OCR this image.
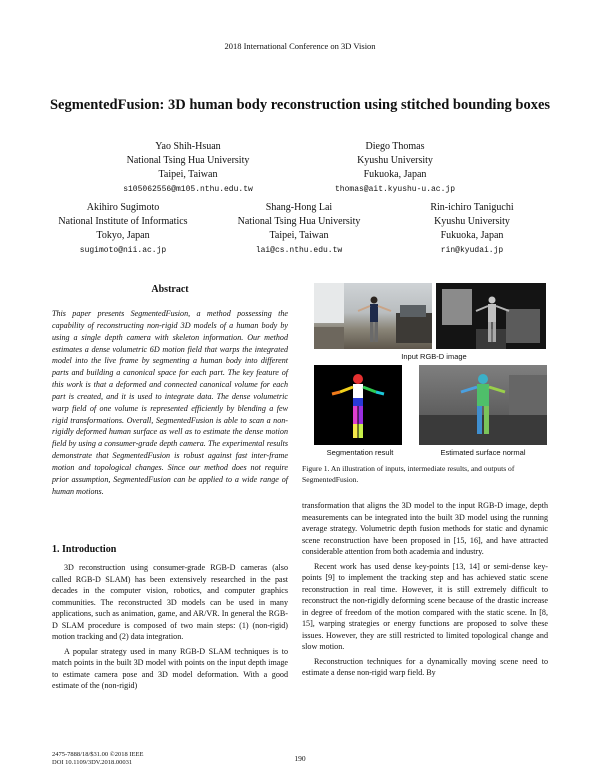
2018 International Conference on 3D Vision
SegmentedFusion: 3D human body reconstruction using stitched bounding boxes
Yao Shih-Hsuan
National Tsing Hua University
Taipei, Taiwan
s105062556@m105.nthu.edu.tw
Diego Thomas
Kyushu University
Fukuoka, Japan
thomas@ait.kyushu-u.ac.jp
Akihiro Sugimoto
National Institute of Informatics
Tokyo, Japan
sugimoto@nii.ac.jp
Shang-Hong Lai
National Tsing Hua University
Taipei, Taiwan
lai@cs.nthu.edu.tw
Rin-ichiro Taniguchi
Kyushu University
Fukuoka, Japan
rin@kyudai.jp
Abstract
This paper presents SegmentedFusion, a method possessing the capability of reconstructing non-rigid 3D models of a human body by using a single depth camera with skeleton information. Our method estimates a dense volumetric 6D motion field that warps the integrated model into the live frame by segmenting a human body into different parts and building a canonical space for each part. The key feature of this work is that a deformed and connected canonical volume for each part is created, and it is used to integrate data. The dense volumetric warp field of one volume is represented efficiently by blending a few rigid transformations. Overall, SegmentedFusion is able to scan a non-rigidly deformed human surface as well as to estimate the dense motion field by using a consumer-grade depth camera. The experimental results demonstrate that SegmentedFusion is robust against fast inter-frame motion and topological changes. Since our method does not require prior assumption, SegmentedFusion can be applied to a wide range of human motions.
Input RGB-D image
Segmentation result	Estimated surface normal
Figure 1. An illustration of inputs, intermediate results, and outputs of SegmentedFusion.
1. Introduction

3D reconstruction using consumer-grade RGB-D cameras (also called RGB-D SLAM) has been extensively researched in the past decades in the computer vision, robotics, and computer graphics communities. The reconstructed 3D models can be used in many applications, such as animation, game, and AR/VR. In general the RGB-D SLAM procedure is composed of two main steps: (1) (non-rigid) motion tracking and (2) data integration.

A popular strategy used in many RGB-D SLAM techniques is to match points in the built 3D model with points on the input depth image to estimate camera pose and 3D model deformation. With a good estimate of the (non-rigid)

transformation that aligns the 3D model to the input RGB-D image, depth measurements can be integrated into the built 3D model using the running average strategy. Volumetric depth fusion methods for static and dynamic scene reconstruction have been proposed in [15, 16], and have attracted considerable attention from both academia and industry.

Recent work has used dense key-points [13, 14] or semi-dense key-points [9] to implement the tracking step and has achieved static scene reconstruction in real time. However, it is still extremely difficult to reconstruct the non-rigidly deforming scene because of the drastic increase in degree of freedom of the motion compared with the static scene. In [8, 15], warping strategies or energy functions are proposed to solve these issues. However, they are still restricted to limited topological change and slow motion.

Reconstruction techniques for a dynamically moving scene need to estimate a dense non-rigid warp field. By

2475-7888/18/$31.00 ©2018 IEEE
DOI 10.1109/3DV.2018.00031	190
